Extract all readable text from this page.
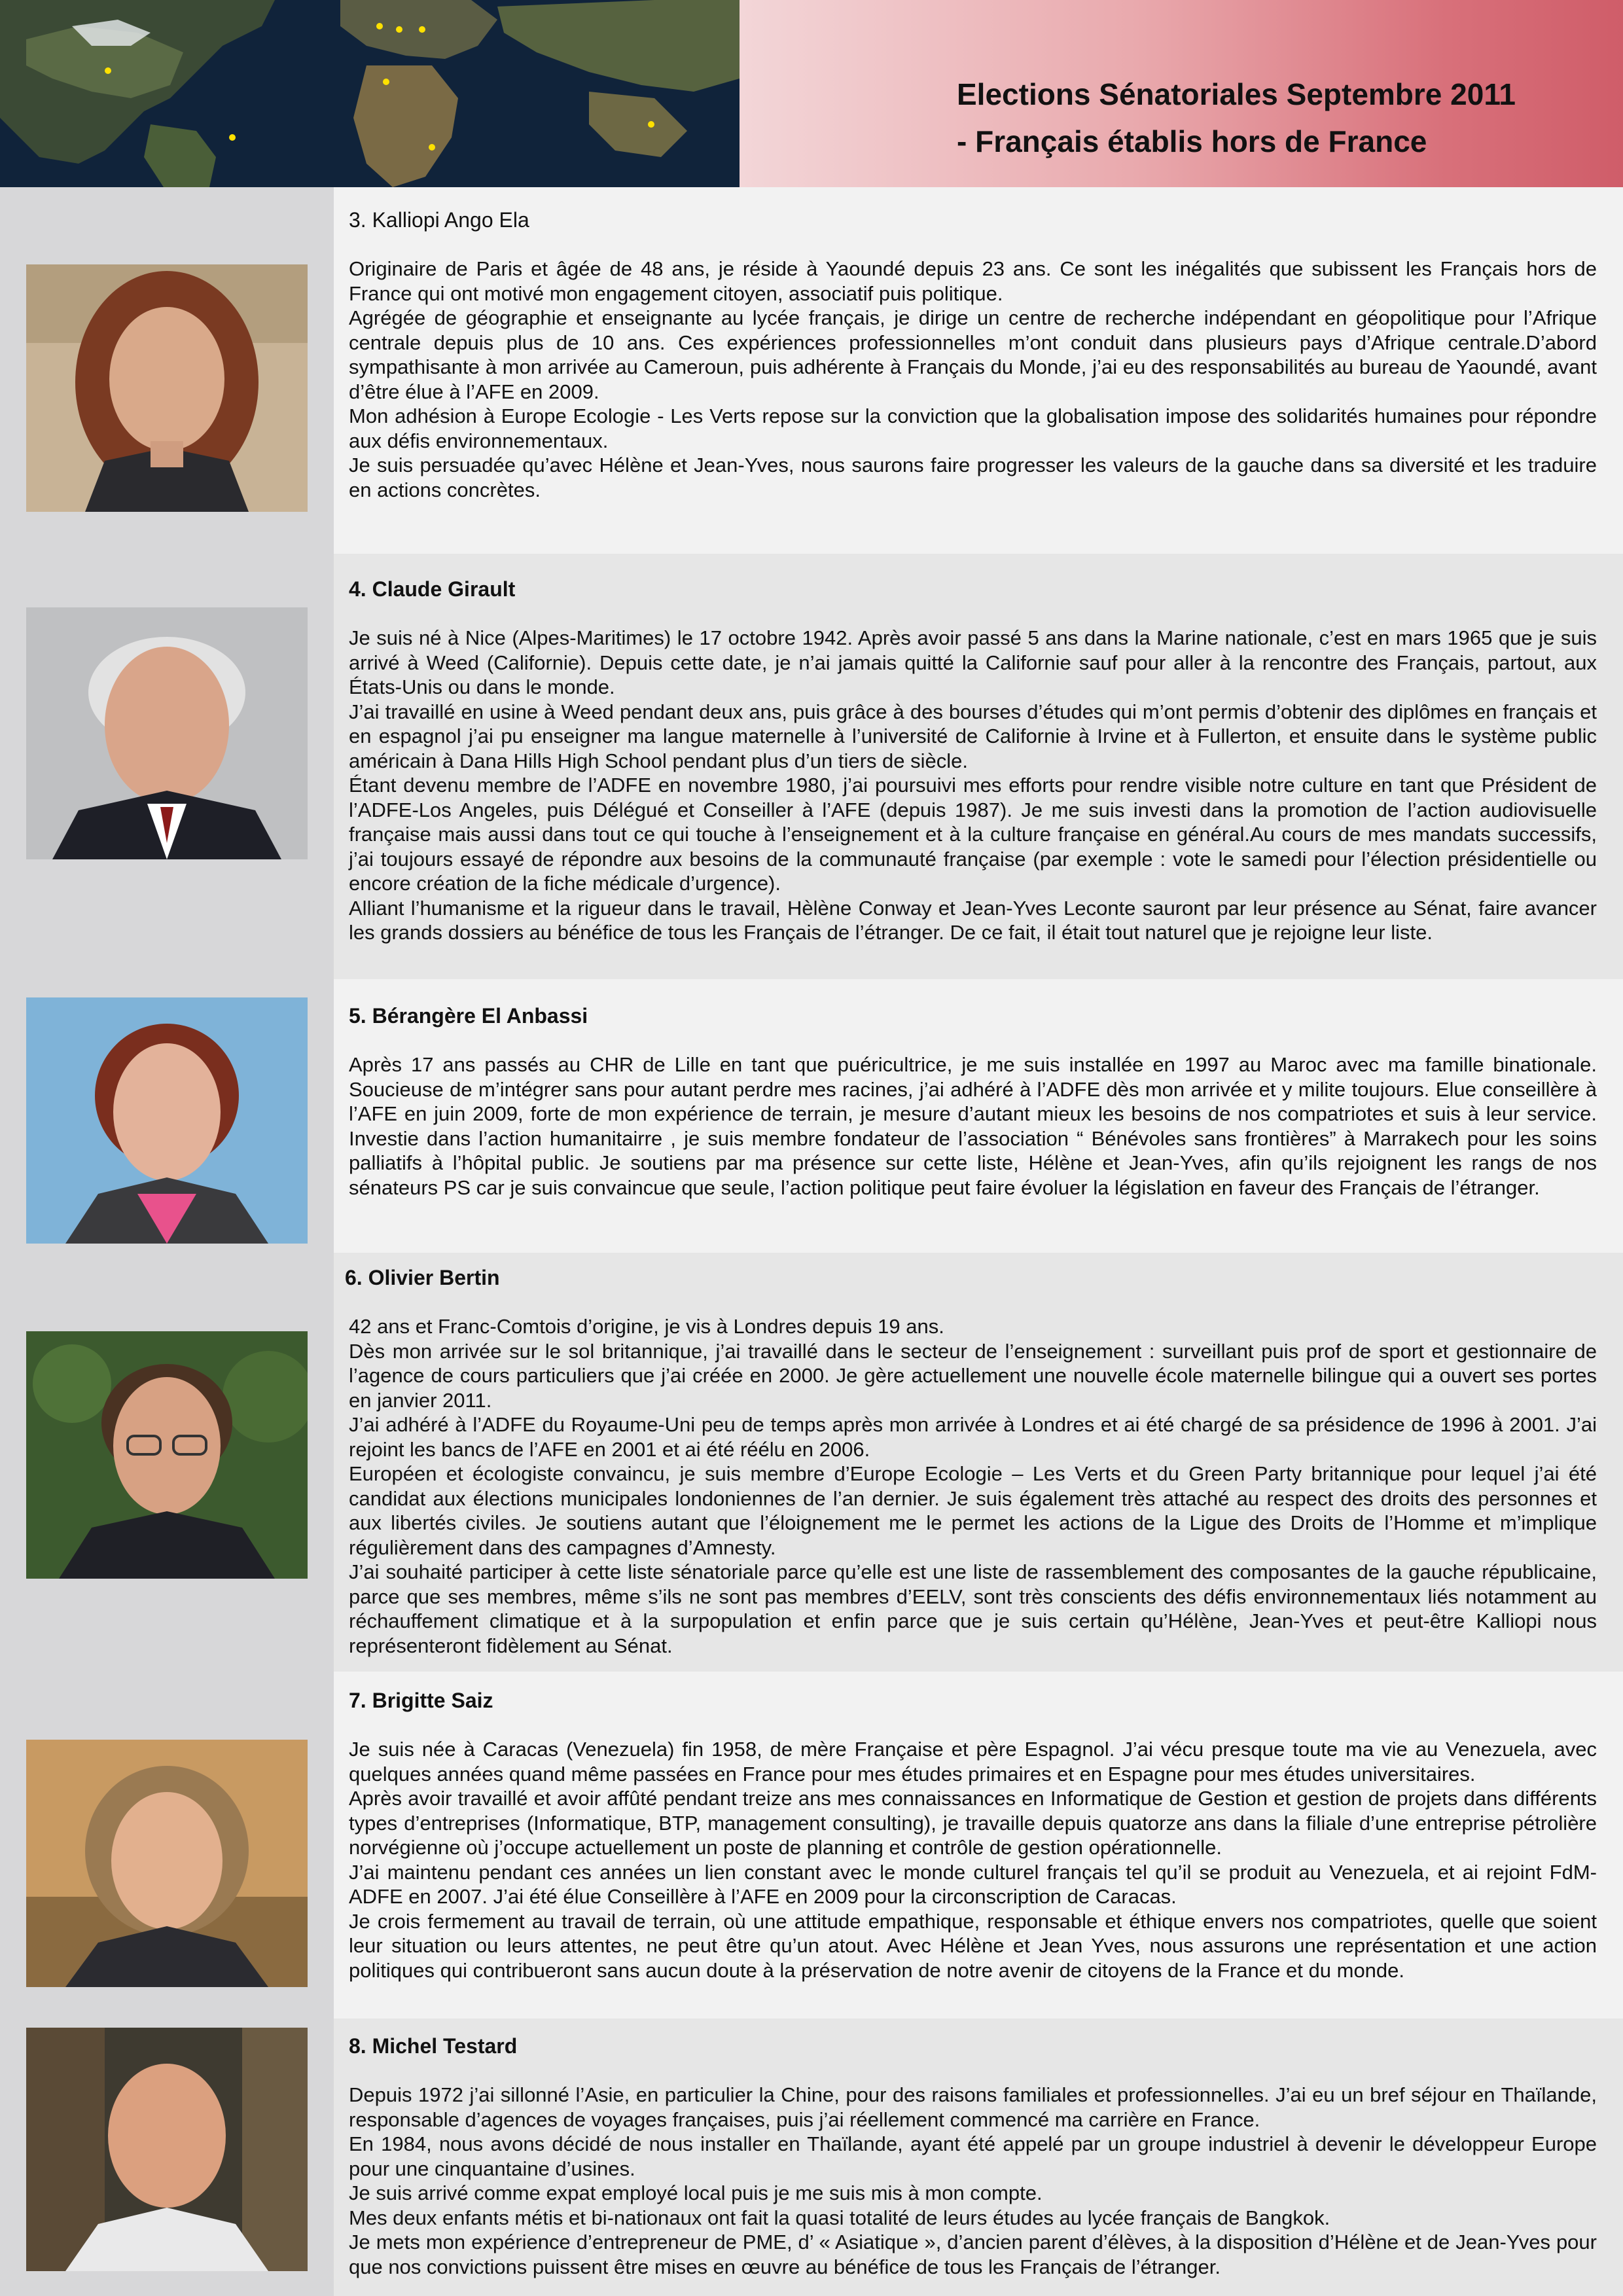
Elections Sénatoriales Septembre 2011
- Français établis hors de France
3. Kalliopi Ango Ela

Originaire de Paris et âgée de 48 ans, je réside à Yaoundé depuis 23 ans. Ce sont les inégalités que subissent les Français hors de France qui ont motivé mon engagement citoyen, associatif puis politique.

Agrégée de géographie et enseignante au lycée français, je dirige un centre de recherche indépendant en géopolitique pour l’Afrique centrale depuis plus de 10 ans. Ces expériences professionnelles m’ont conduit dans plusieurs pays d’Afrique centrale.D’abord sympathisante à mon arrivée au Cameroun, puis adhérente à Français du Monde, j’ai eu des responsabilités au bureau de Yaoundé, avant d’être élue à l’AFE en 2009.

Mon adhésion à Europe Ecologie - Les Verts repose sur la conviction que la globalisation impose des solidarités humaines pour répondre aux défis environnementaux.

Je suis persuadée qu’avec Hélène et Jean-Yves, nous saurons faire progresser les valeurs de la gauche dans sa diversité et les traduire en actions concrètes.

4. Claude Girault

Je suis né à Nice (Alpes-Maritimes) le 17 octobre 1942. Après avoir passé 5 ans dans la Marine nationale, c’est en mars 1965 que je suis arrivé à Weed (Californie). Depuis cette date, je n’ai jamais quitté la Californie sauf pour aller à la rencontre des Français, partout, aux États-Unis ou dans le monde.

J’ai travaillé en usine à Weed pendant deux ans, puis grâce à des bourses d’études qui m’ont permis d’obtenir des diplômes en français et en espagnol j’ai pu enseigner ma langue maternelle à l’université de Californie à Irvine et à Fullerton, et ensuite dans le système public américain à Dana Hills High School pendant plus d’un tiers de siècle.

Étant devenu membre de l’ADFE en novembre 1980, j’ai poursuivi mes efforts pour rendre visible notre culture en tant que Président de l’ADFE-Los Angeles, puis Délégué et Conseiller à l’AFE (depuis 1987). Je me suis investi dans la promotion de l’action audiovisuelle française mais aussi dans tout ce qui touche à l’enseignement et à la culture française en général.Au cours de mes mandats successifs, j’ai toujours essayé de répondre aux besoins de la communauté française (par exemple : vote le samedi pour l’élection présidentielle ou encore création de la fiche médicale d’urgence).

Alliant l’humanisme et la rigueur dans le travail, Hèlène Conway et Jean-Yves Leconte sauront par leur présence au Sénat, faire avancer les grands dossiers au bénéfice de tous les Français de l’étranger. De ce fait, il était tout naturel que je rejoigne leur liste.

5. Bérangère El Anbassi

Après 17 ans passés au CHR de Lille en tant que puéricultrice, je me suis installée en 1997 au Maroc avec ma famille binationale. Soucieuse de m’intégrer sans pour autant perdre mes racines, j’ai adhéré à l’ADFE dès mon arrivée et y milite toujours. Elue conseillère à l’AFE en juin 2009, forte de mon expérience de terrain, je mesure d’autant mieux les besoins de nos compatriotes et suis à leur service. Investie dans l’action humanitairre , je suis membre fondateur de l’association “ Bénévoles sans frontières” à Marrakech pour les soins palliatifs à l’hôpital public. Je soutiens par ma présence sur cette liste, Hélène et Jean-Yves, afin qu’ils rejoignent les rangs de nos sénateurs PS car je suis convaincue que seule, l’action politique peut faire évoluer la législation en faveur des Français de l’étranger.

6. Olivier Bertin

42 ans et Franc-Comtois d’origine, je vis à Londres depuis 19 ans.

Dès mon arrivée sur le sol britannique, j’ai travaillé dans le secteur de l’enseignement : surveillant puis prof de sport et gestionnaire de l’agence de cours particuliers que j’ai créée en 2000. Je gère actuellement une nouvelle école maternelle bilingue qui a ouvert ses portes en janvier 2011.

J’ai adhéré à l’ADFE du Royaume-Uni peu de temps après mon arrivée à Londres et ai été chargé de sa présidence de 1996 à 2001. J’ai rejoint les bancs de l’AFE en 2001 et ai été réélu en 2006.

Européen et écologiste convaincu, je suis membre d’Europe Ecologie – Les Verts et du Green Party britannique pour lequel j’ai été candidat aux élections municipales londoniennes de l’an dernier. Je suis également très attaché au respect des droits des personnes et aux libertés civiles. Je soutiens autant que l’éloignement me le permet les actions de la Ligue des Droits de l’Homme et m’implique régulièrement dans des campagnes d’Amnesty.

J’ai souhaité participer à cette liste sénatoriale parce qu’elle est une liste de rassemblement des composantes de la gauche républicaine, parce que ses membres, même s’ils ne sont pas membres d’EELV, sont très conscients des défis environnementaux liés notamment au réchauffement climatique et à la surpopulation et enfin parce que je suis certain qu’Hélène, Jean-Yves et peut-être Kalliopi nous représenteront fidèlement au Sénat.

7. Brigitte Saiz

Je suis née à Caracas (Venezuela) fin 1958, de mère Française et père Espagnol. J’ai vécu presque toute ma vie au Venezuela, avec quelques années quand même passées en France pour mes études primaires et en Espagne pour mes études universitaires.

Après avoir travaillé et avoir affûté pendant treize ans mes connaissances en Informatique de Gestion et gestion de projets dans différents types d’entreprises (Informatique, BTP, management consulting), je travaille depuis quatorze ans dans la filiale d’une entreprise pétrolière norvégienne où j’occupe actuellement un poste de planning et contrôle de gestion opérationnelle.

J’ai maintenu pendant ces années un lien constant avec le monde culturel français tel qu’il se produit au Venezuela, et ai rejoint FdM-ADFE en 2007. J’ai été élue Conseillère à l’AFE en 2009 pour la circonscription de Caracas.

Je crois fermement au travail de terrain, où une attitude empathique, responsable et éthique envers nos compatriotes, quelle que soient leur situation ou leurs attentes, ne peut être qu’un atout. Avec Hélène et Jean Yves, nous assurons une représentation et une action politiques qui contribueront sans aucun doute à la préservation de notre avenir de citoyens de la France et du monde.

8. Michel Testard

Depuis 1972 j’ai sillonné l’Asie, en particulier la Chine, pour des raisons familiales et professionnelles. J’ai eu un bref séjour en Thaïlande, responsable d’agences de voyages françaises, puis j’ai réellement commencé ma carrière en France.

En 1984, nous avons décidé de nous installer en Thaïlande, ayant été appelé par un groupe industriel à devenir le développeur Europe pour une cinquantaine d’usines.

Je suis arrivé comme expat employé local puis je me suis mis à mon compte.

Mes deux enfants métis et bi-nationaux ont fait la quasi totalité de leurs études au lycée français de Bangkok.

Je mets mon expérience d’entrepreneur de PME, d’ « Asiatique », d’ancien parent d’élèves, à la disposition d’Hélène et de Jean-Yves pour que nos convictions puissent être mises en œuvre au bénéfice de tous les Français de l’étranger.
